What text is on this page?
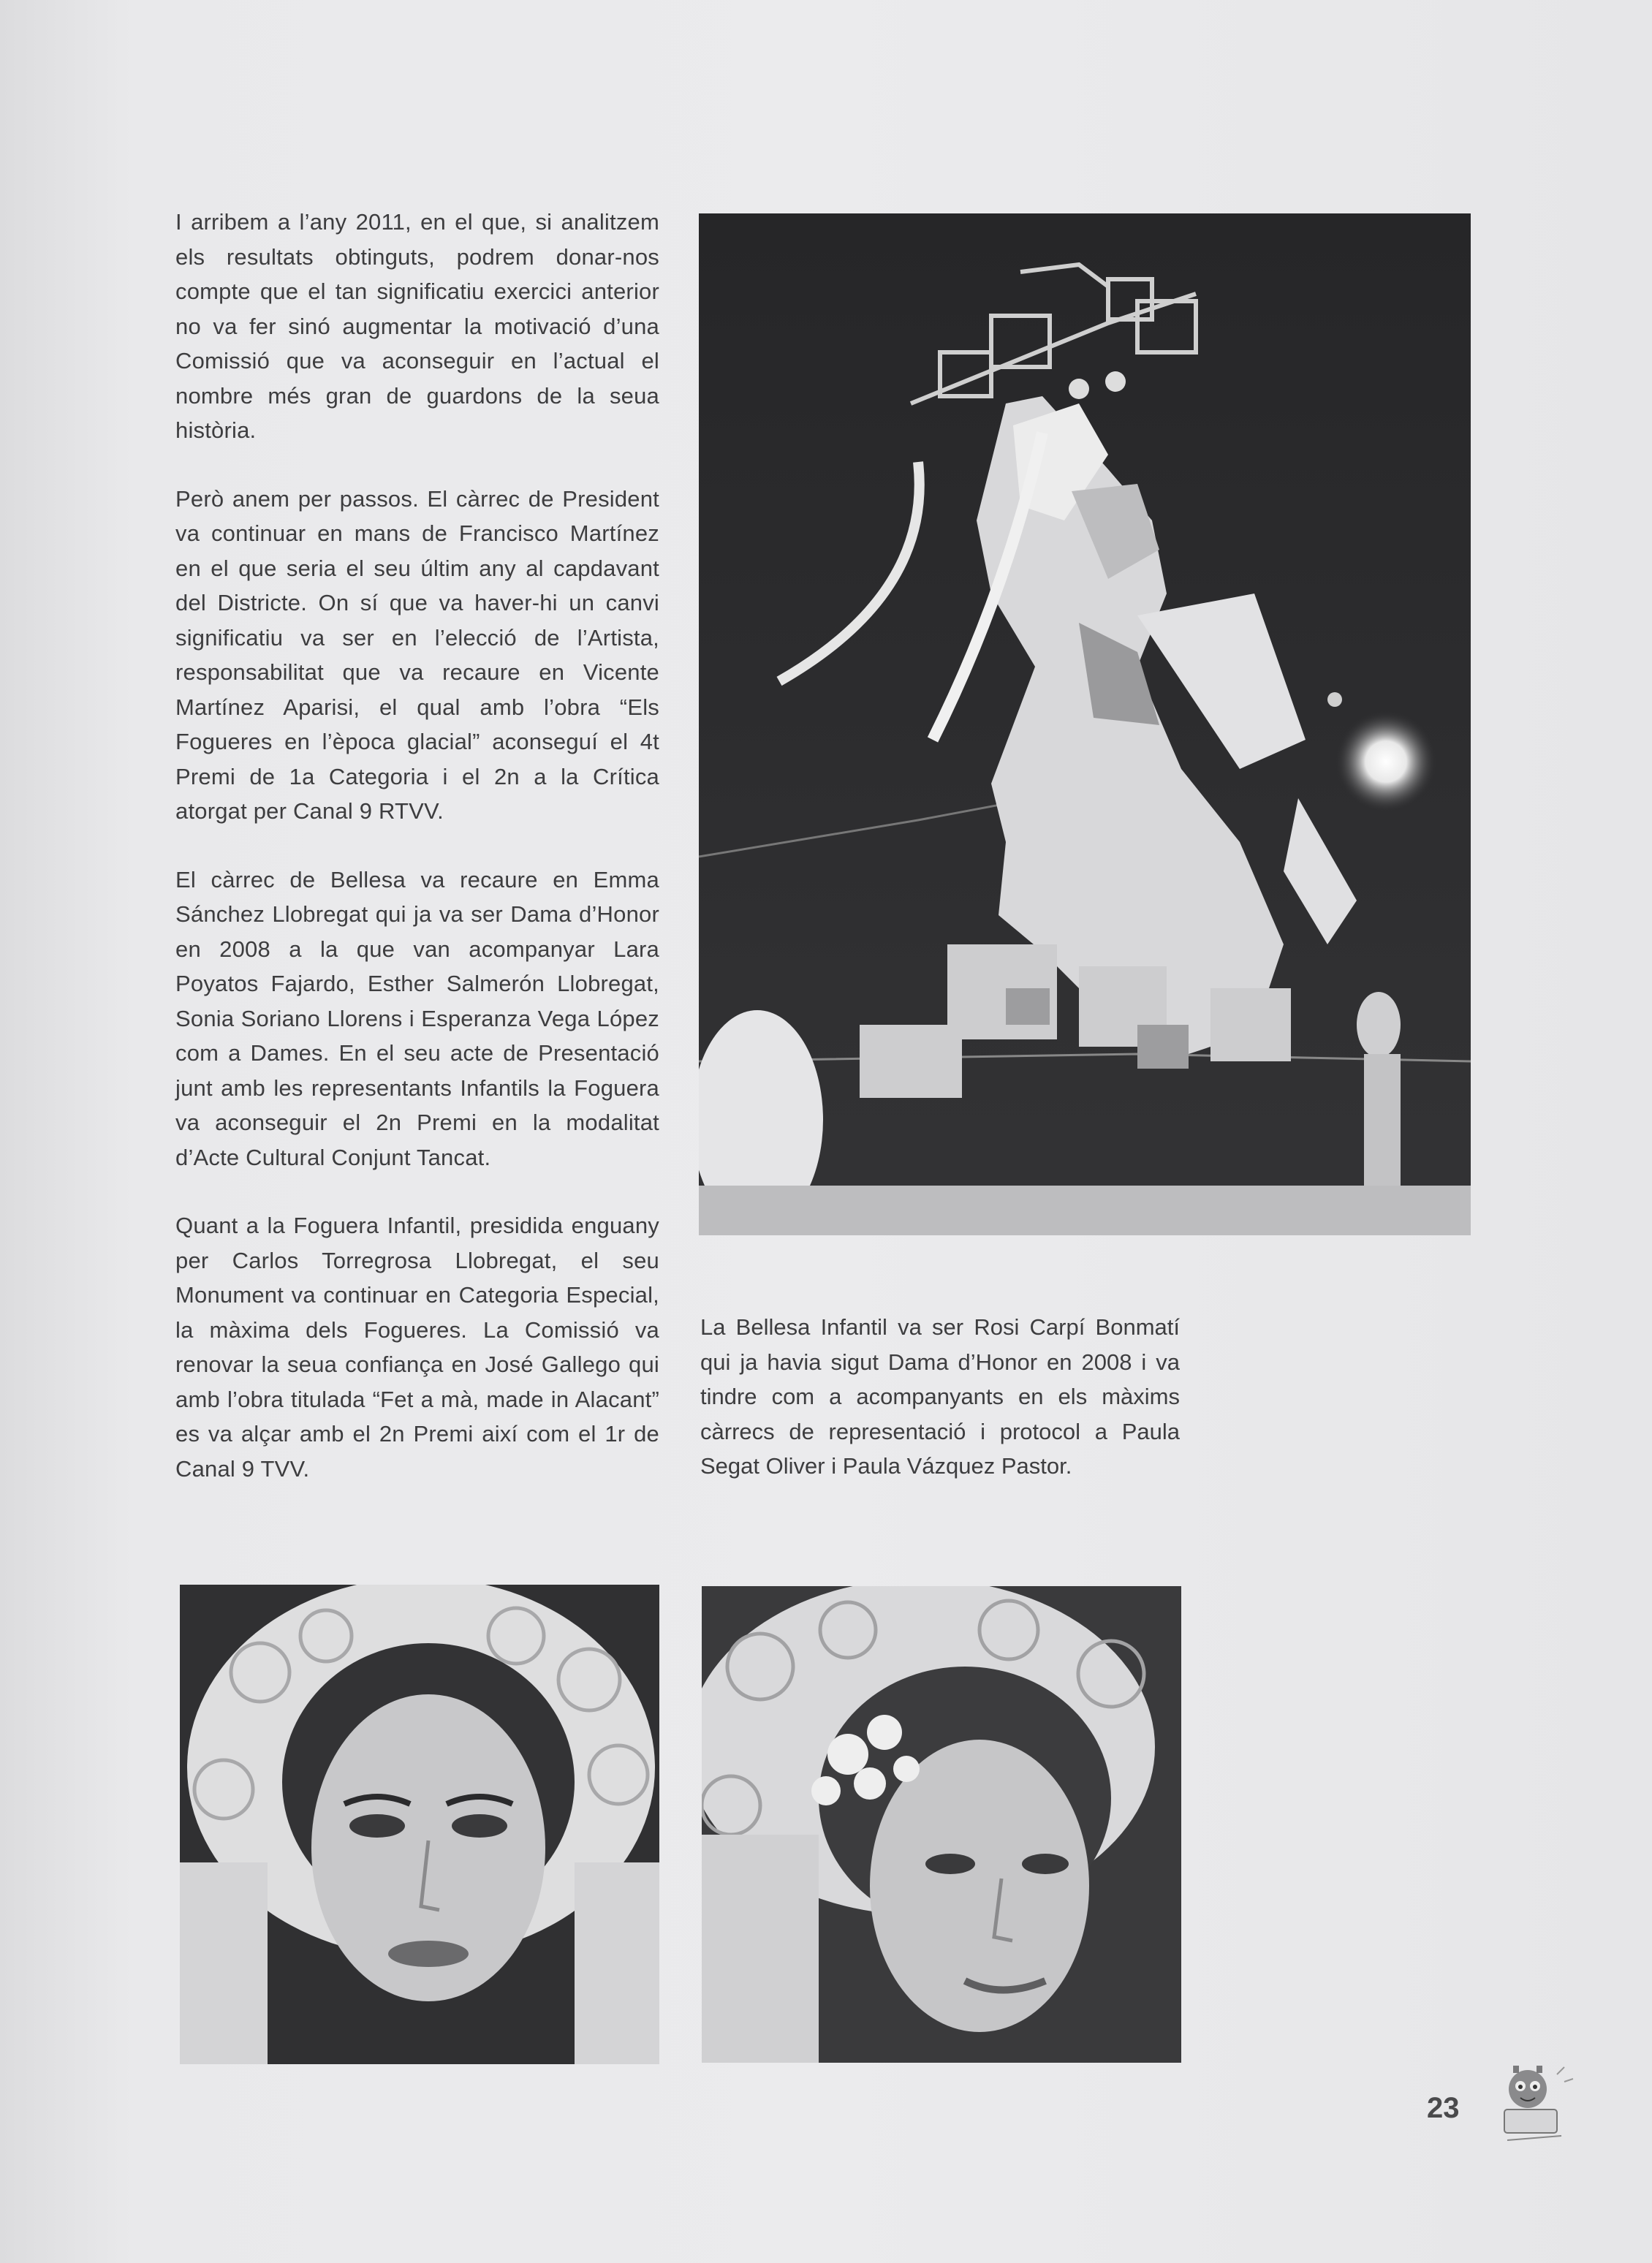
I arribem a l’any 2011, en el que, si analitzem els resultats obtinguts, podrem donar-nos compte que el tan significatiu exercici anterior no va fer sinó augmentar la motivació d’una Comissió que va aconseguir en l’actual el nombre més gran de guardons de la seua història.

Però anem per passos. El càrrec de President va continuar en mans de Francisco Martínez en el que seria el seu últim any al capdavant del Districte. On sí que va haver-hi un canvi significatiu va ser en l’elecció de l’Artista, responsabilitat que va recaure en Vicente Martínez Aparisi, el qual amb l’obra “Els Fogueres en l’època glacial” aconseguí el 4t Premi de 1a Categoria i el 2n a la Crítica atorgat per Canal 9 RTVV.

El càrrec de Bellesa va recaure en Emma Sánchez Llobregat qui ja va ser Dama d’Honor en 2008 a la que van acompanyar Lara Poyatos Fajardo, Esther Salmerón Llobregat, Sonia Soriano Llorens i Esperanza Vega López com a Dames. En el seu acte de Presentació junt amb les representants Infantils la Foguera va aconseguir el 2n Premi en la modalitat d’Acte Cultural Conjunt Tancat.

Quant a la Foguera Infantil, presidida enguany per Carlos Torregrosa Llobregat, el seu Monument va continuar en Categoria Especial, la màxima dels Fogueres. La Comissió va renovar la seua confiança en José Gallego qui amb l’obra titulada “Fet a mà, made in Alacant” es va alçar amb el 2n Premi així com el 1r de Canal 9 TVV.

La Bellesa Infantil va ser Rosi Carpí Bonmatí qui ja havia sigut Dama d’Honor en 2008 i va tindre com a acompanyants en els màxims càrrecs de representació i protocol a Paula Segat Oliver i Paula Vázquez Pastor.

23
